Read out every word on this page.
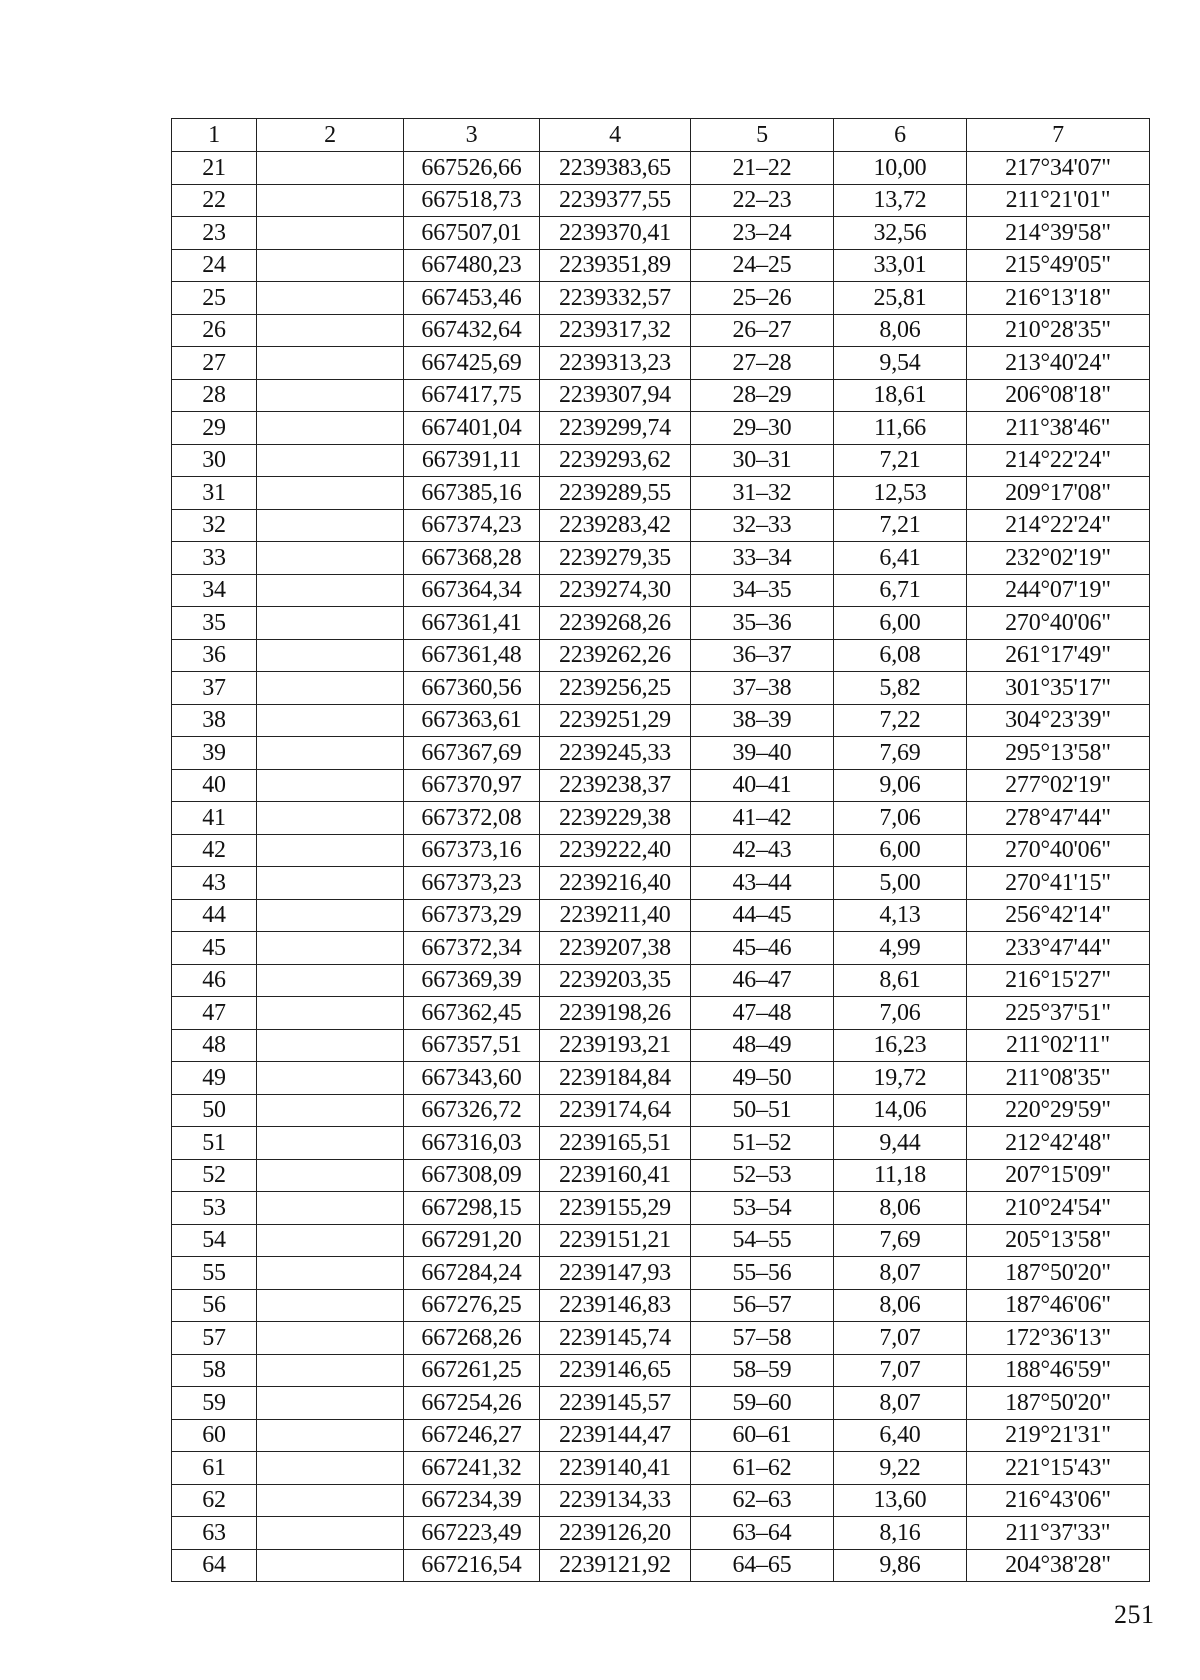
1	2	3	4	5	6	7
21		667526,66	2239383,65	21–22	10,00	217°34'07"
22		667518,73	2239377,55	22–23	13,72	211°21'01"
23		667507,01	2239370,41	23–24	32,56	214°39'58"
24		667480,23	2239351,89	24–25	33,01	215°49'05"
25		667453,46	2239332,57	25–26	25,81	216°13'18"
26		667432,64	2239317,32	26–27	8,06	210°28'35"
27		667425,69	2239313,23	27–28	9,54	213°40'24"
28		667417,75	2239307,94	28–29	18,61	206°08'18"
29		667401,04	2239299,74	29–30	11,66	211°38'46"
30		667391,11	2239293,62	30–31	7,21	214°22'24"
31		667385,16	2239289,55	31–32	12,53	209°17'08"
32		667374,23	2239283,42	32–33	7,21	214°22'24"
33		667368,28	2239279,35	33–34	6,41	232°02'19"
34		667364,34	2239274,30	34–35	6,71	244°07'19"
35		667361,41	2239268,26	35–36	6,00	270°40'06"
36		667361,48	2239262,26	36–37	6,08	261°17'49"
37		667360,56	2239256,25	37–38	5,82	301°35'17"
38		667363,61	2239251,29	38–39	7,22	304°23'39"
39		667367,69	2239245,33	39–40	7,69	295°13'58"
40		667370,97	2239238,37	40–41	9,06	277°02'19"
41		667372,08	2239229,38	41–42	7,06	278°47'44"
42		667373,16	2239222,40	42–43	6,00	270°40'06"
43		667373,23	2239216,40	43–44	5,00	270°41'15"
44		667373,29	2239211,40	44–45	4,13	256°42'14"
45		667372,34	2239207,38	45–46	4,99	233°47'44"
46		667369,39	2239203,35	46–47	8,61	216°15'27"
47		667362,45	2239198,26	47–48	7,06	225°37'51"
48		667357,51	2239193,21	48–49	16,23	211°02'11"
49		667343,60	2239184,84	49–50	19,72	211°08'35"
50		667326,72	2239174,64	50–51	14,06	220°29'59"
51		667316,03	2239165,51	51–52	9,44	212°42'48"
52		667308,09	2239160,41	52–53	11,18	207°15'09"
53		667298,15	2239155,29	53–54	8,06	210°24'54"
54		667291,20	2239151,21	54–55	7,69	205°13'58"
55		667284,24	2239147,93	55–56	8,07	187°50'20"
56		667276,25	2239146,83	56–57	8,06	187°46'06"
57		667268,26	2239145,74	57–58	7,07	172°36'13"
58		667261,25	2239146,65	58–59	7,07	188°46'59"
59		667254,26	2239145,57	59–60	8,07	187°50'20"
60		667246,27	2239144,47	60–61	6,40	219°21'31"
61		667241,32	2239140,41	61–62	9,22	221°15'43"
62		667234,39	2239134,33	62–63	13,60	216°43'06"
63		667223,49	2239126,20	63–64	8,16	211°37'33"
64		667216,54	2239121,92	64–65	9,86	204°38'28"
251
